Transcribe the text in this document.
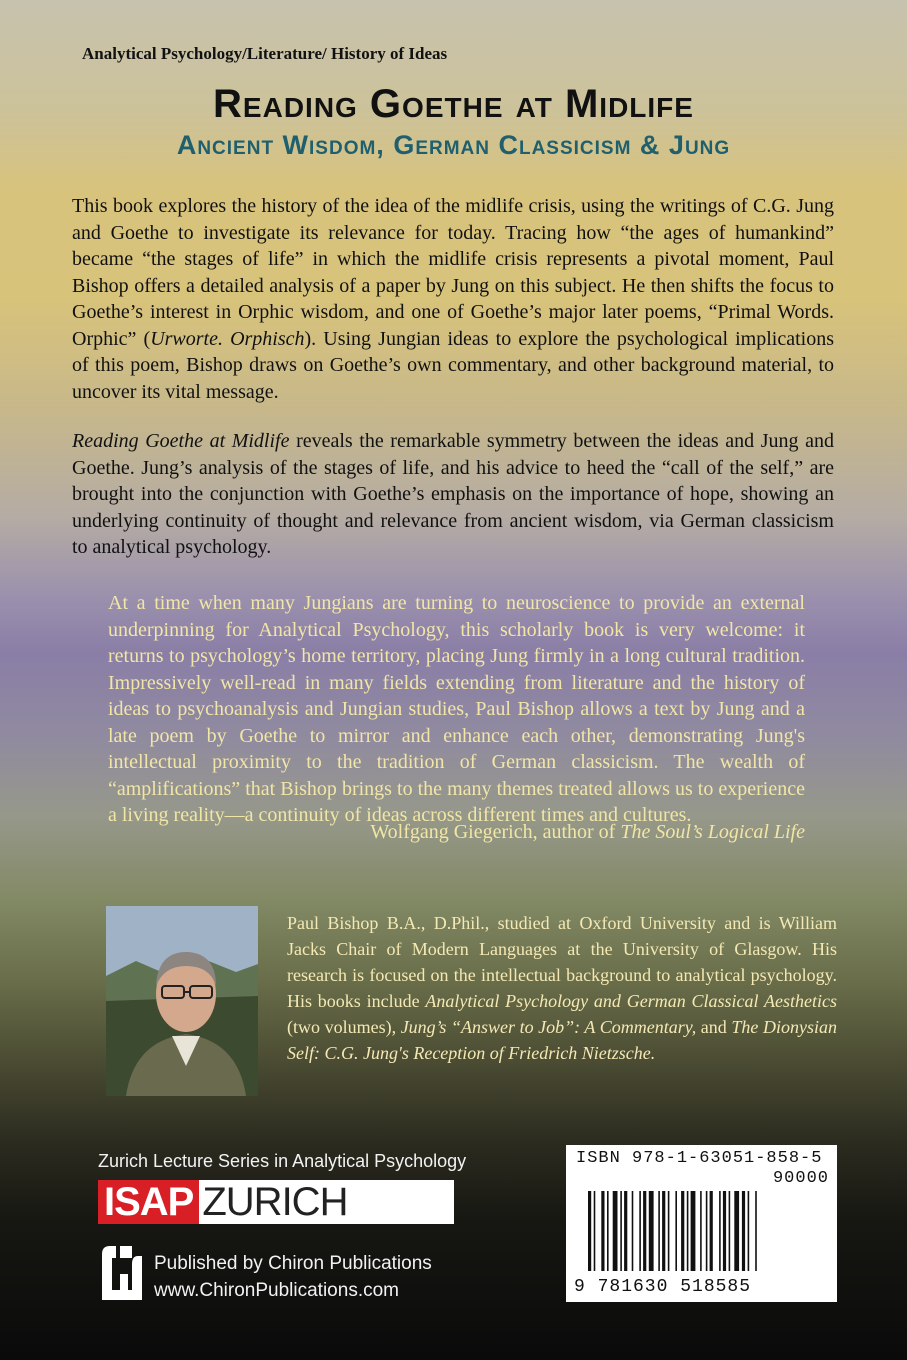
Analytical Psychology/Literature/ History of Ideas
Reading Goethe at Midlife
Ancient Wisdom, German Classicism & Jung
This book explores the history of the idea of the midlife crisis, using the writings of C.G. Jung and Goethe to investigate its relevance for today. Tracing how “the ages of humankind” became “the stages of life” in which the midlife crisis represents a pivotal moment, Paul Bishop offers a detailed analysis of a paper by Jung on this subject. He then shifts the focus to Goethe’s interest in Orphic wisdom, and one of Goethe’s major later poems, “Primal Words. Orphic” (Urworte. Orphisch). Using Jungian ideas to explore the psychological implications of this poem, Bishop draws on Goethe’s own commentary, and other background material, to uncover its vital message.
Reading Goethe at Midlife reveals the remarkable symmetry between the ideas and Jung and Goethe. Jung’s analysis of the stages of life, and his advice to heed the “call of the self,” are brought into the conjunction with Goethe’s emphasis on the importance of hope, showing an underlying continuity of thought and relevance from ancient wisdom, via German classicism to analytical psychology.
At a time when many Jungians are turning to neuroscience to provide an external underpinning for Analytical Psychology, this scholarly book is very welcome: it returns to psychology’s home territory, placing Jung firmly in a long cultural tradition. Impressively well-read in many fields extending from literature and the history of ideas to psychoanalysis and Jungian studies, Paul Bishop allows a text by Jung and a late poem by Goethe to mirror and enhance each other, demonstrating Jung's intellectual proximity to the tradition of German classicism. The wealth of “amplifications” that Bishop brings to the many themes treated allows us to experience a living reality—a continuity of ideas across different times and cultures.
Wolfgang Giegerich, author of The Soul’s Logical Life
Paul Bishop B.A., D.Phil., studied at Oxford University and is William Jacks Chair of Modern Languages at the University of Glasgow. His research is focused on the intellectual background to analytical psychology. His books include Analytical Psychology and German Classical Aesthetics (two volumes), Jung’s “Answer to Job”: A Commentary, and The Dionysian Self: C.G. Jung's Reception of Friedrich Nietzsche.
Zurich Lecture Series in Analytical Psychology
ISAP ZURICH
Published by Chiron Publications
www.ChironPublications.com
ISBN 978-1-63051-858-5
90000
9 781630 518585
